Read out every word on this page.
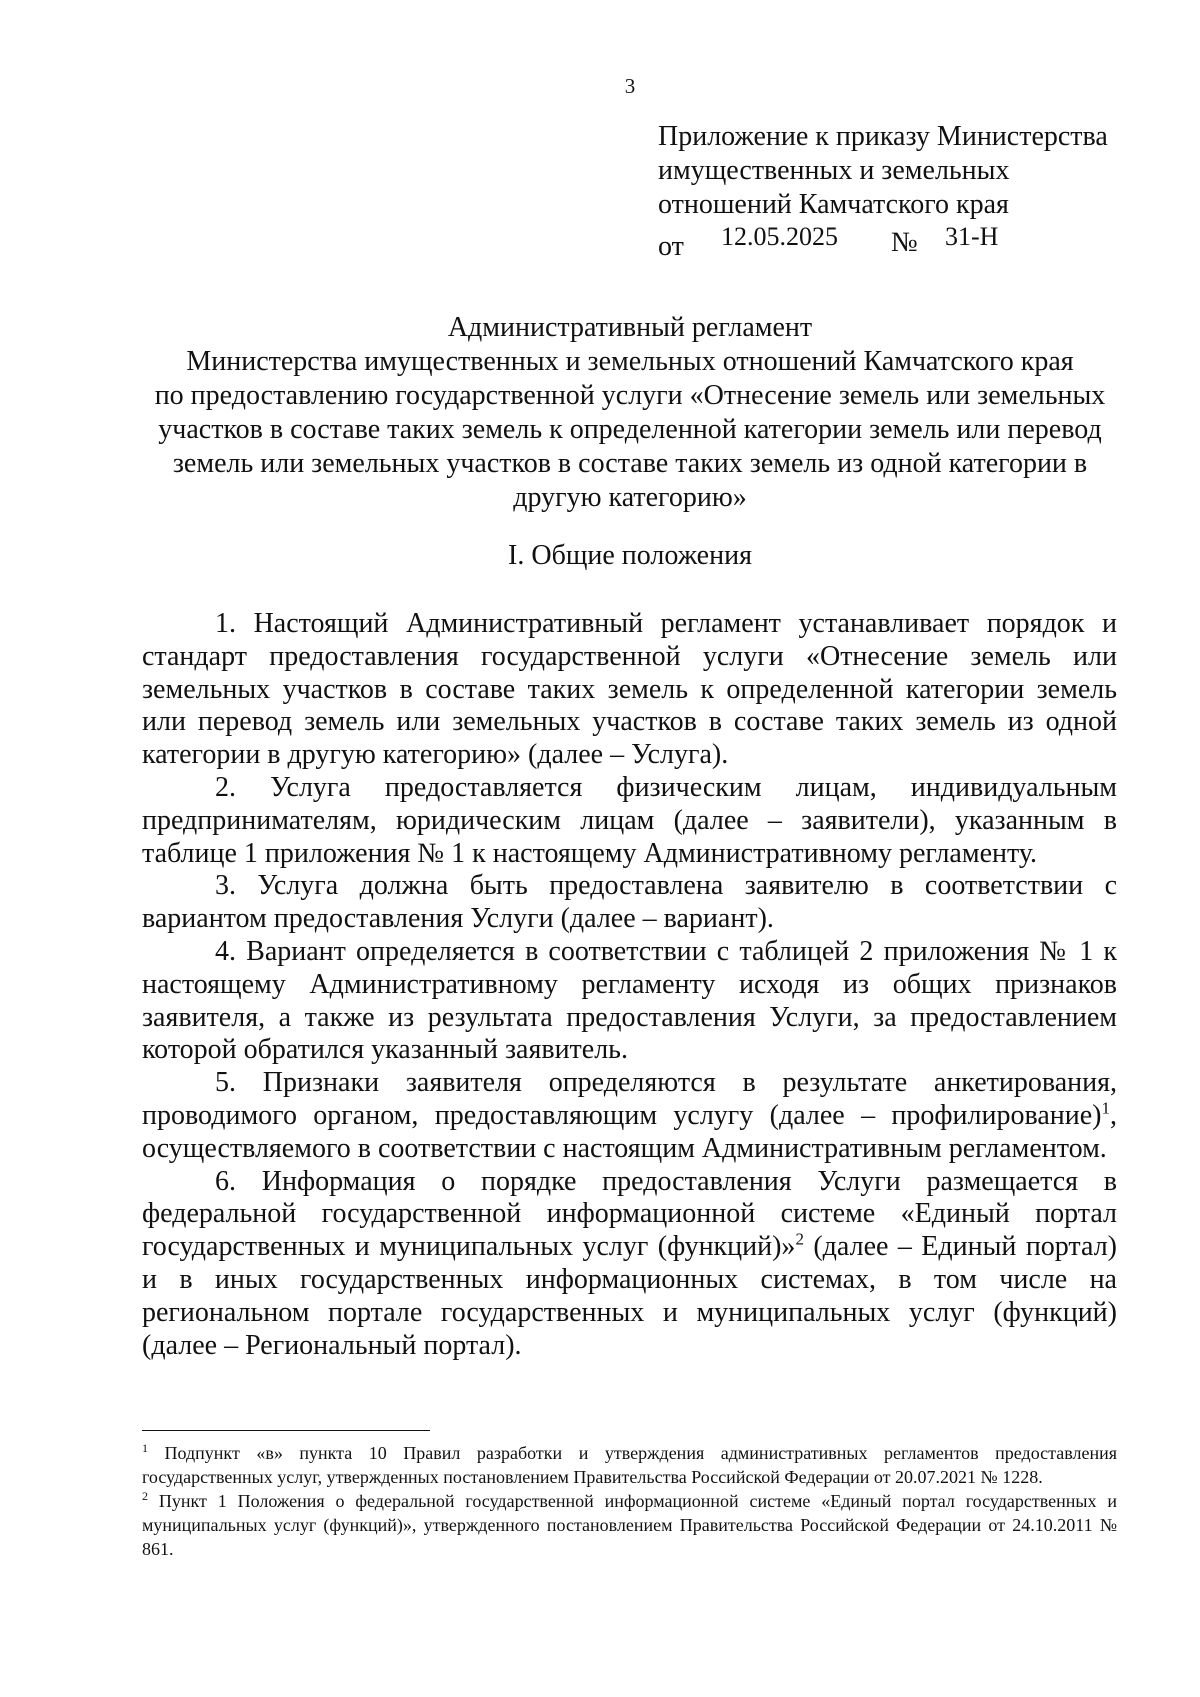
3
Приложение к приказу Министерства
имущественных и земельных
отношений Камчатского края
от 12.05.2025 № 31-Н
Административный регламент
Министерства имущественных и земельных отношений Камчатского края
по предоставлению государственной услуги «Отнесение земель или земельных
участков в составе таких земель к определенной категории земель или перевод
земель или земельных участков в составе таких земель из одной категории в
другую категорию»
I. Общие положения

1. Настоящий Административный регламент устанавливает порядок и стандарт предоставления государственной услуги «Отнесение земель или земельных участков в составе таких земель к определенной категории земель или перевод земель или земельных участков в составе таких земель из одной категории в другую категорию» (далее – Услуга).

2. Услуга предоставляется физическим лицам, индивидуальным предпринимателям, юридическим лицам (далее – заявители), указанным в таблице 1 приложения № 1 к настоящему Административному регламенту.

3. Услуга должна быть предоставлена заявителю в соответствии с вариантом предоставления Услуги (далее – вариант).

4. Вариант определяется в соответствии с таблицей 2 приложения № 1 к настоящему Административному регламенту исходя из общих признаков заявителя, а также из результата предоставления Услуги, за предоставлением которой обратился указанный заявитель.

5. Признаки заявителя определяются в результате анкетирования, проводимого органом, предоставляющим услугу (далее – профилирование)$^1$, осуществляемого в соответствии с настоящим Административным регламентом.

6. Информация о порядке предоставления Услуги размещается в федеральной государственной информационной системе «Единый портал государственных и муниципальных услуг (функций)»$^2$ (далее – Единый портал) и в иных государственных информационных системах, в том числе на региональном портале государственных и муниципальных услуг (функций) (далее – Региональный портал).

$^1$ Подпункт «в» пункта 10 Правил разработки и утверждения административных регламентов предоставления государственных услуг, утвержденных постановлением Правительства Российской Федерации от 20.07.2021 № 1228.

$^2$ Пункт 1 Положения о федеральной государственной информационной системе «Единый портал государственных и муниципальных услуг (функций)», утвержденного постановлением Правительства Российской Федерации от 24.10.2011 № 861.
